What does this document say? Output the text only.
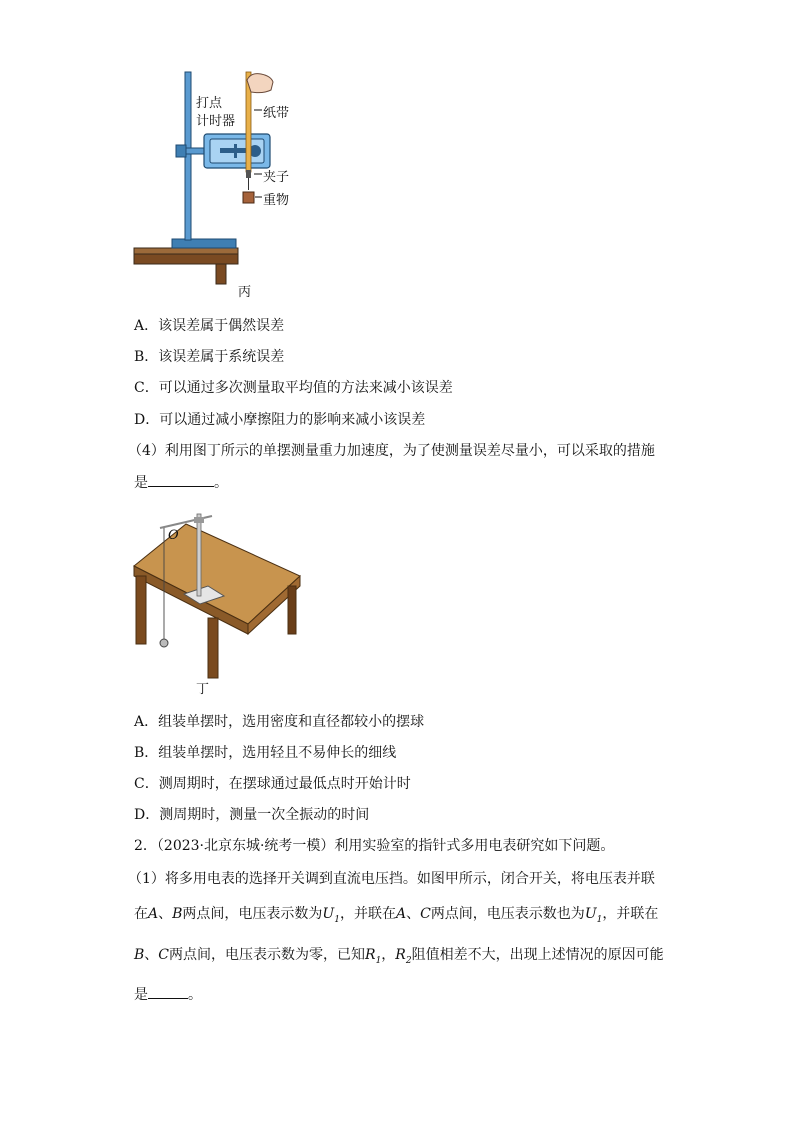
打点
计时器
纸带
夹子
重物
丙
A．该误差属于偶然误差
B．该误差属于系统误差
C．可以通过多次测量取平均值的方法来减小该误差
D．可以通过减小摩擦阻力的影响来减小该误差
（4）利用图丁所示的单摆测量重力加速度，为了使测量误差尽量小，可以采取的措施
是	。
O
丁
A．组装单摆时，选用密度和直径都较小的摆球
B．组装单摆时，选用轻且不易伸长的细线
C．测周期时，在摆球通过最低点时开始计时
D．测周期时，测量一次全振动的时间
2．（2023·北京东城·统考一模）利用实验室的指针式多用电表研究如下问题。
（1）将多用电表的选择开关调到直流电压挡。如图甲所示，闭合开关，将电压表并联
在A、B两点间，电压表示数为$U_1$，并联在A、C两点间，电压表示数也为$U_1$，并联在
B、C两点间，电压表示数为零，已知$R_1$，$R_2$阻值相差不大，出现上述情况的原因可能
是	。
